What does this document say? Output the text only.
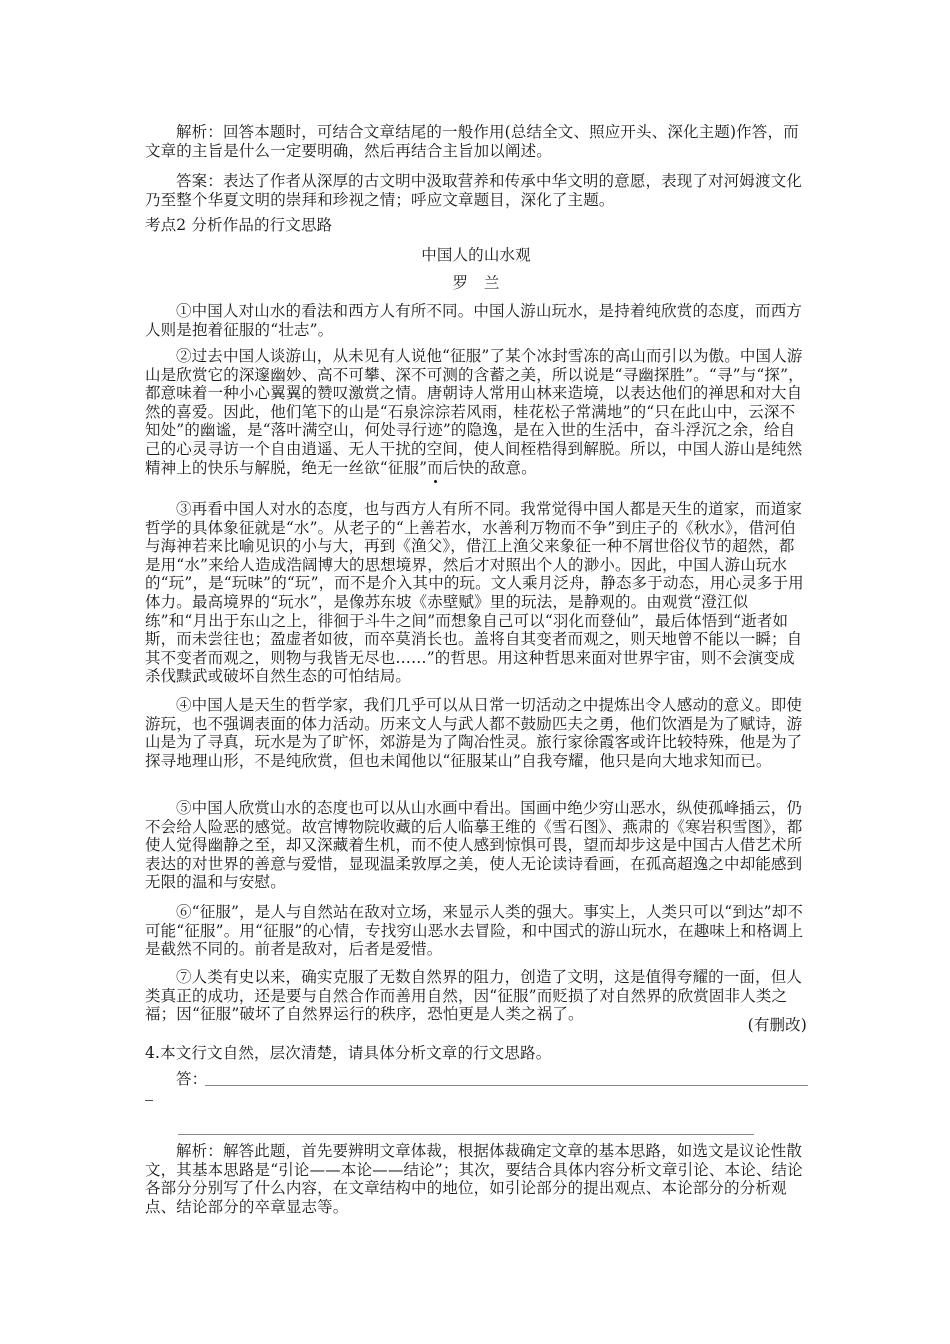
解析：回答本题时，可结合文章结尾的一般作用(总结全文、照应开头、深化主题)作答，而文章的主旨是什么一定要明确，然后再结合主旨加以阐述。

答案：表达了作者从深厚的古文明中汲取营养和传承中华文明的意愿，表现了对河姆渡文化乃至整个华夏文明的崇拜和珍视之情；呼应文章题目，深化了主题。

考点2 分析作品的行文思路

中国人的山水观

罗　兰

①中国人对山水的看法和西方人有所不同。中国人游山玩水，是持着纯欣赏的态度，而西方人则是抱着征服的“壮志”。

②过去中国人谈游山，从未见有人说他“征服”了某个冰封雪冻的高山而引以为傲。中国人游山是欣赏它的深邃幽妙、高不可攀、深不可测的含蓄之美，所以说是“寻幽探胜”。“寻”与“探”，都意味着一种小心翼翼的赞叹激赏之情。唐朝诗人常用山林来造境，以表达他们的禅思和对大自然的喜爱。因此，他们笔下的山是“石泉淙淙若风雨，桂花松子常满地”的“只在此山中，云深不知处”的幽谧，是“落叶满空山，何处寻行迹”的隐逸，是在入世的生活中，奋斗浮沉之余，给自己的心灵寻访一个自由逍遥、无人干扰的空间，使人间桎梏得到解脱。所以，中国人游山是纯然精神上的快乐与解脱，绝无一丝欲“征服”而后快的敌意。

③再看中国人对水的态度，也与西方人有所不同。我常觉得中国人都是天生的道家，而道家哲学的具体象征就是“水”。从老子的“上善若水，水善利万物而不争”到庄子的《秋水》，借河伯与海神若来比喻见识的小与大，再到《渔父》，借江上渔父来象征一种不屑世俗仪节的超然，都是用“水”来给人造成浩阔博大的思想境界，然后才对照出个人的渺小。因此，中国人游山玩水的“玩”，是“玩味”的“玩”，而不是介入其中的玩。文人乘月泛舟，静态多于动态，用心灵多于用体力。最高境界的“玩水”，是像苏东坡《赤壁赋》里的玩法，是静观的。由观赏“澄江似练”和“月出于东山之上，徘徊于斗牛之间”而想象自己可以“羽化而登仙”，最后体悟到“逝者如斯，而未尝往也；盈虚者如彼，而卒莫消长也。盖将自其变者而观之，则天地曾不能以一瞬；自其不变者而观之，则物与我皆无尽也……”的哲思。用这种哲思来面对世界宇宙，则不会演变成杀伐黩武或破坏自然生态的可怕结局。

④中国人是天生的哲学家，我们几乎可以从日常一切活动之中提炼出令人感动的意义。即使游玩，也不强调表面的体力活动。历来文人与武人都不鼓励匹夫之勇，他们饮酒是为了赋诗，游山是为了寻真，玩水是为了旷怀，郊游是为了陶冶性灵。旅行家徐霞客或许比较特殊，他是为了探寻地理山形，不是纯欣赏，但也未闻他以“征服某山”自我夸耀，他只是向大地求知而已。

⑤中国人欣赏山水的态度也可以从山水画中看出。国画中绝少穷山恶水，纵使孤峰插云，仍不会给人险恶的感觉。故宫博物院收藏的后人临摹王维的《雪石图》、燕肃的《寒岩积雪图》，都使人觉得幽静之至，却又深藏着生机，而不使人感到惊惧可畏，望而却步这是中国古人借艺术所表达的对世界的善意与爱惜，显现温柔敦厚之美，使人无论读诗看画，在孤高超逸之中却能感到无限的温和与安慰。

⑥“征服”，是人与自然站在敌对立场，来显示人类的强大。事实上，人类只可以“到达”却不可能“征服”。用“征服”的心情，专找穷山恶水去冒险，和中国式的游山玩水，在趣味上和格调上是截然不同的。前者是敌对，后者是爱惜。

⑦人类有史以来，确实克服了无数自然界的阻力，创造了文明，这是值得夸耀的一面，但人类真正的成功，还是要与自然合作而善用自然，因“征服”而贬损了对自然界的欣赏固非人类之福；因“征服”破坏了自然界运行的秩序，恐怕更是人类之祸了。

(有删改)

4.本文行文自然，层次清楚，请具体分析文章的行文思路。

答：

解析：解答此题，首先要辨明文章体裁，根据体裁确定文章的基本思路，如选文是议论性散文，其基本思路是“引论——本论——结论”；其次，要结合具体内容分析文章引论、本论、结论各部分分别写了什么内容，在文章结构中的地位，如引论部分的提出观点、本论部分的分析观点、结论部分的卒章显志等。
